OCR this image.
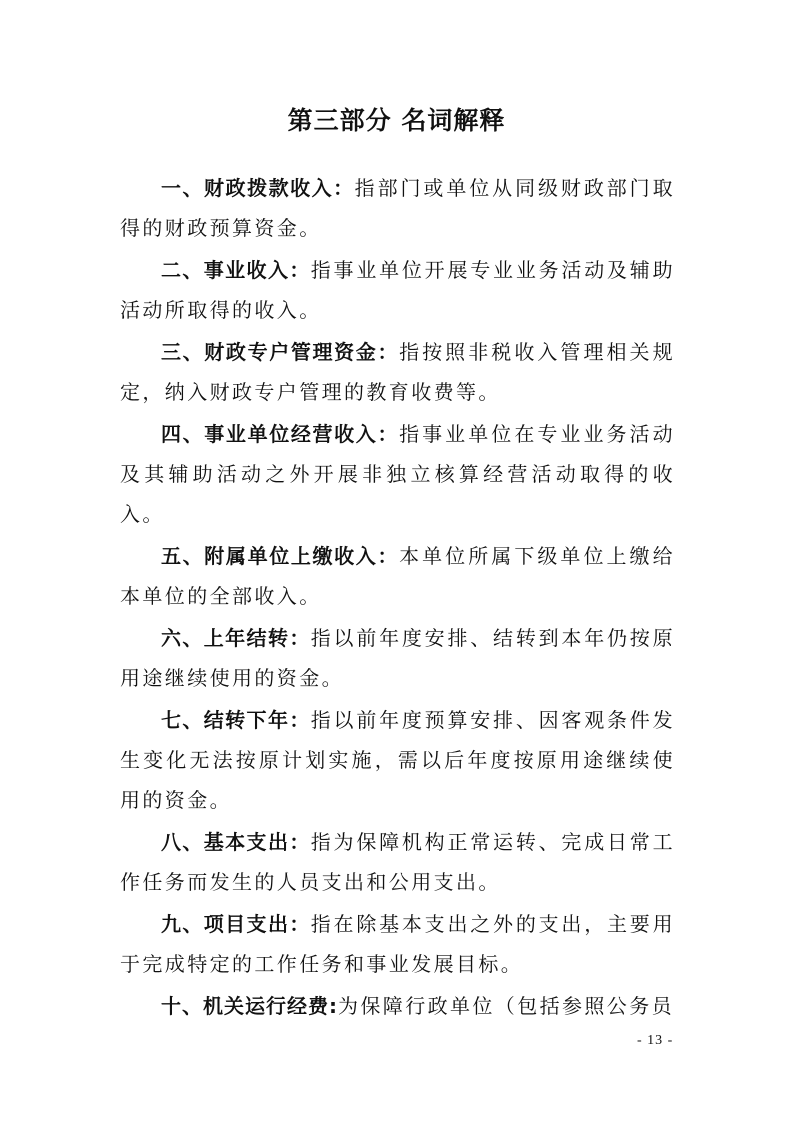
第三部分 名词解释

一、财政拨款收入：指部门或单位从同级财政部门取得的财政预算资金。

二、事业收入：指事业单位开展专业业务活动及辅助活动所取得的收入。

三、财政专户管理资金：指按照非税收入管理相关规定，纳入财政专户管理的教育收费等。

四、事业单位经营收入：指事业单位在专业业务活动及其辅助活动之外开展非独立核算经营活动取得的收入。

五、附属单位上缴收入：本单位所属下级单位上缴给本单位的全部收入。

六、上年结转：指以前年度安排、结转到本年仍按原用途继续使用的资金。

七、结转下年：指以前年度预算安排、因客观条件发生变化无法按原计划实施，需以后年度按原用途继续使用的资金。

八、基本支出：指为保障机构正常运转、完成日常工作任务而发生的人员支出和公用支出。

九、项目支出：指在除基本支出之外的支出，主要用于完成特定的工作任务和事业发展目标。

十、机关运行经费:为保障行政单位（包括参照公务员

- 13 -
